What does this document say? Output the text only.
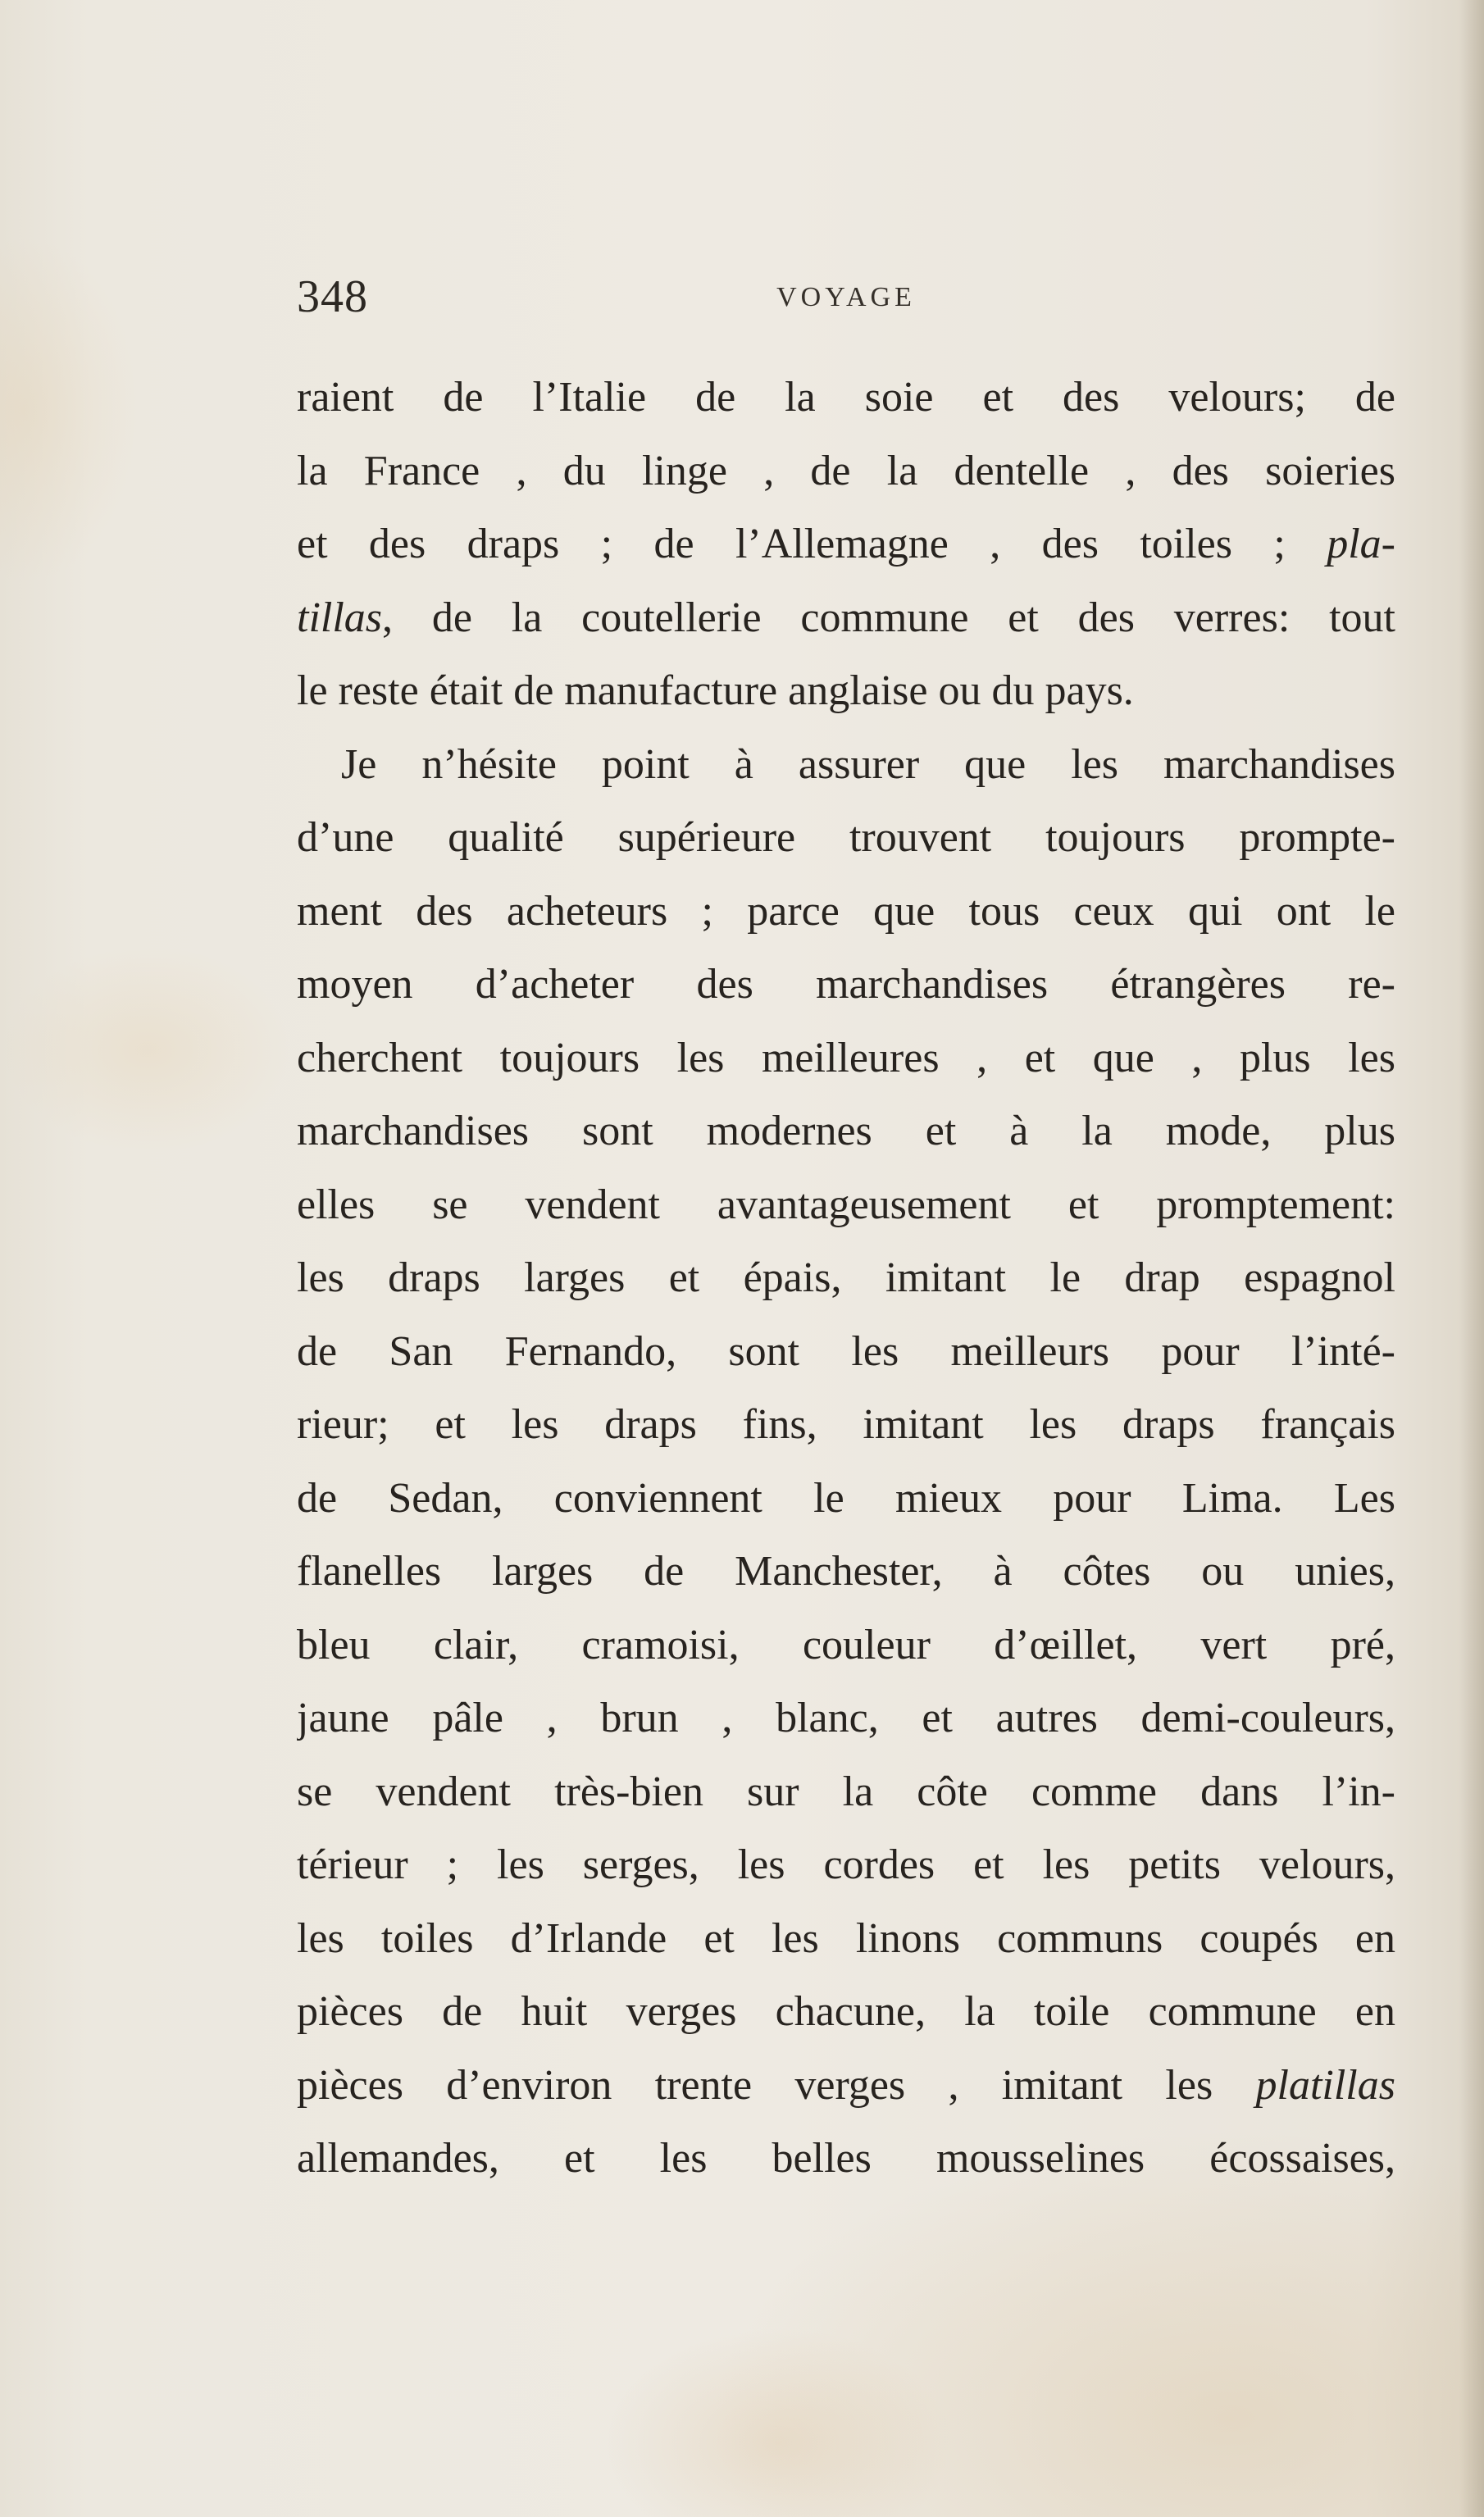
348	VOYAGE
raient de l’Italie de la soie et des velours; de
la France , du linge , de la dentelle , des soieries
et des draps ; de l’Allemagne , des toiles ; pla-
tillas, de la coutellerie commune et des verres: tout
le reste était de manufacture anglaise ou du pays.
Je n’hésite point à assurer que les marchandises
d’une qualité supérieure trouvent toujours prompte-
ment des acheteurs ; parce que tous ceux qui ont le
moyen d’acheter des marchandises étrangères re-
cherchent toujours les meilleures , et que , plus les
marchandises sont modernes et à la mode, plus
elles se vendent avantageusement et promptement:
les draps larges et épais, imitant le drap espagnol
de San Fernando, sont les meilleurs pour l’inté-
rieur; et les draps fins, imitant les draps français
de Sedan, conviennent le mieux pour Lima. Les
flanelles larges de Manchester, à côtes ou unies,
bleu clair, cramoisi, couleur d’œillet, vert pré,
jaune pâle , brun , blanc, et autres demi-couleurs,
se vendent très-bien sur la côte comme dans l’in-
térieur ; les serges, les cordes et les petits velours,
les toiles d’Irlande et les linons communs coupés en
pièces de huit verges chacune, la toile commune en
pièces d’environ trente verges , imitant les platillas
allemandes, et les belles mousselines écossaises,
